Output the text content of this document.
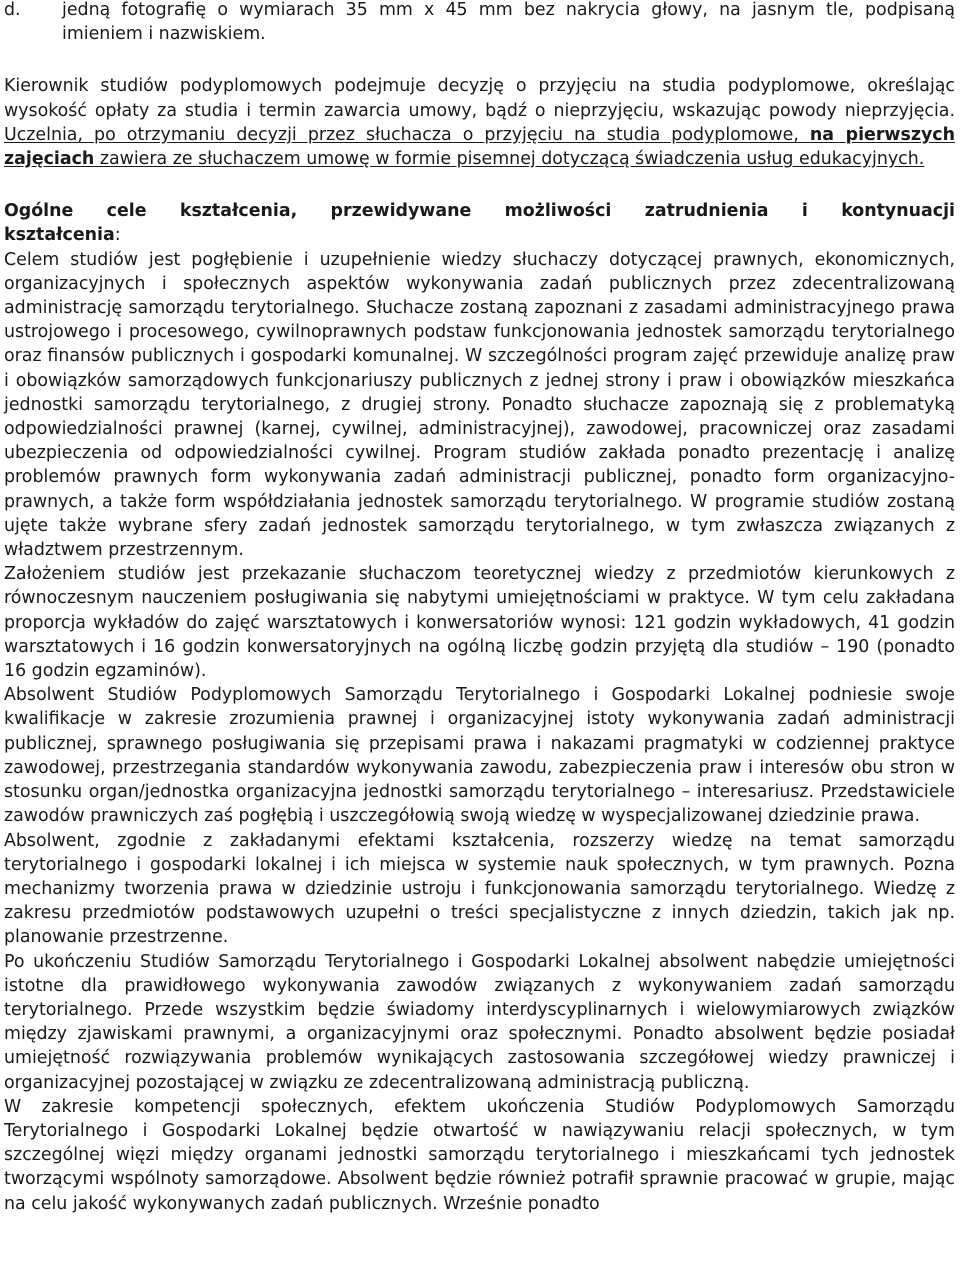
d.	jedną fotografię o wymiarach 35 mm x 45 mm bez nakrycia głowy, na jasnym tle, podpisaną imieniem i nazwiskiem.

Kierownik studiów podyplomowych podejmuje decyzję o przyjęciu na studia podyplomowe, określając wysokość opłaty za studia i termin zawarcia umowy, bądź o nieprzyjęciu, wskazując powody nieprzyjęcia. Uczelnia, po otrzymaniu decyzji przez słuchacza o przyjęciu na studia podyplomowe, na pierwszych zajęciach zawiera ze słuchaczem umowę w formie pisemnej dotyczącą świadczenia usług edukacyjnych.

Ogólne cele kształcenia, przewidywane możliwości zatrudnienia i kontynuacji
kształcenia:

Celem studiów jest pogłębienie i uzupełnienie wiedzy słuchaczy dotyczącej prawnych, ekonomicznych, organizacyjnych i społecznych aspektów wykonywania zadań publicznych przez zdecentralizowaną administrację samorządu terytorialnego. Słuchacze zostaną zapoznani z zasadami administracyjnego prawa ustrojowego i procesowego, cywilnoprawnych podstaw funkcjonowania jednostek samorządu terytorialnego oraz finansów publicznych i gospodarki komunalnej. W szczególności program zajęć przewiduje analizę praw i obowiązków samorządowych funkcjonariuszy publicznych z jednej strony i praw i obowiązków mieszkańca jednostki samorządu terytorialnego, z drugiej strony. Ponadto słuchacze zapoznają się z problematyką odpowiedzialności prawnej (karnej, cywilnej, administracyjnej), zawodowej, pracowniczej oraz zasadami ubezpieczenia od odpowiedzialności cywilnej. Program studiów zakłada ponadto prezentację i analizę problemów prawnych form wykonywania zadań administracji publicznej, ponadto form organizacyjno-prawnych, a także form współdziałania jednostek samorządu terytorialnego. W programie studiów zostaną ujęte także wybrane sfery zadań jednostek samorządu terytorialnego, w tym zwłaszcza związanych z władztwem przestrzennym.

Założeniem studiów jest przekazanie słuchaczom teoretycznej wiedzy z przedmiotów kierunkowych z równoczesnym nauczeniem posługiwania się nabytymi umiejętnościami w praktyce. W tym celu zakładana proporcja wykładów do zajęć warsztatowych i konwersatoriów wynosi: 121 godzin wykładowych, 41 godzin warsztatowych i 16 godzin konwersatoryjnych na ogólną liczbę godzin przyjętą dla studiów – 190 (ponadto 16 godzin egzaminów).

Absolwent Studiów Podyplomowych Samorządu Terytorialnego i Gospodarki Lokalnej podniesie swoje kwalifikacje w zakresie zrozumienia prawnej i organizacyjnej istoty wykonywania zadań administracji publicznej, sprawnego posługiwania się przepisami prawa i nakazami pragmatyki w codziennej praktyce zawodowej, przestrzegania standardów wykonywania zawodu, zabezpieczenia praw i interesów obu stron w stosunku organ/jednostka organizacyjna jednostki samorządu terytorialnego – interesariusz. Przedstawiciele zawodów prawniczych zaś pogłębią i uszczegółowią swoją wiedzę w wyspecjalizowanej dziedzinie prawa.

Absolwent, zgodnie z zakładanymi efektami kształcenia, rozszerzy wiedzę na temat samorządu terytorialnego i gospodarki lokalnej i ich miejsca w systemie nauk społecznych, w tym prawnych. Pozna mechanizmy tworzenia prawa w dziedzinie ustroju i funkcjonowania samorządu terytorialnego. Wiedzę z zakresu przedmiotów podstawowych uzupełni o treści specjalistyczne z innych dziedzin, takich jak np. planowanie przestrzenne.

Po ukończeniu Studiów Samorządu Terytorialnego i Gospodarki Lokalnej absolwent nabędzie umiejętności istotne dla prawidłowego wykonywania zawodów związanych z wykonywaniem zadań samorządu terytorialnego. Przede wszystkim będzie świadomy interdyscyplinarnych i wielowymiarowych związków między zjawiskami prawnymi, a organizacyjnymi oraz społecznymi. Ponadto absolwent będzie posiadał umiejętność rozwiązywania problemów wynikających zastosowania szczegółowej wiedzy prawniczej i organizacyjnej pozostającej w związku ze zdecentralizowaną administracją publiczną.

W zakresie kompetencji społecznych, efektem ukończenia Studiów Podyplomowych Samorządu Terytorialnego i Gospodarki Lokalnej będzie otwartość w nawiązywaniu relacji społecznych, w tym szczególnej więzi między organami jednostki samorządu terytorialnego i mieszkańcami tych jednostek tworzącymi wspólnoty samorządowe. Absolwent będzie również potrafił sprawnie pracować w grupie, mając na celu jakość wykonywanych zadań publicznych. Wrześnie ponadto
